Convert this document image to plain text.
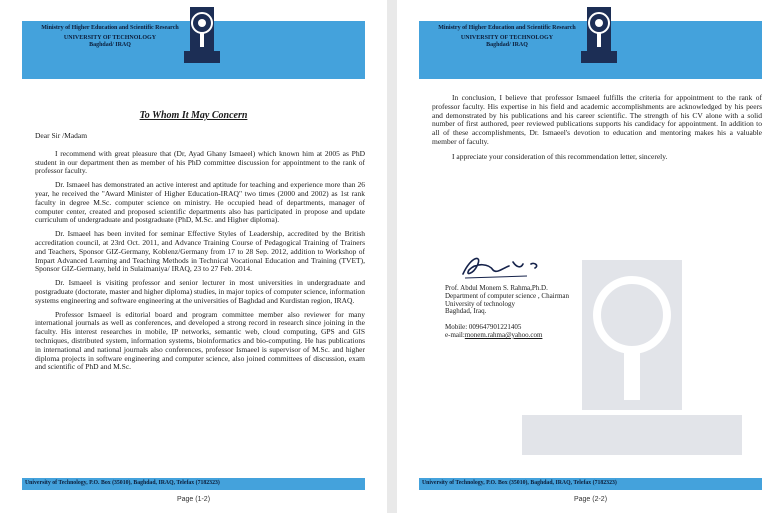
Ministry of Higher Education and Scientific Research
UNIVERSITY OF TECHNOLOGY
Baghdad/ IRAQ
To Whom It May Concern

Dear Sir /Madam

I recommend with great pleasure that (Dr, Ayad Ghany Ismaeel) which known him at 2005 as PhD student in our department then as member of his PhD committee discussion for appointment to the rank of professor faculty.

Dr. Ismaeel has demonstrated an active interest and aptitude for teaching and experience more than 26 year, he received the "Award Minister of Higher Education-IRAQ" two times (2000 and 2002) as 1st rank faculty in degree M.Sc. computer science on ministry. He occupied head of departments, manager of computer center, created and proposed scientific departments also has participated in propose and update curriculum of undergraduate and postgraduate (PhD, M.Sc. and Higher diploma).

Dr. Ismaeel has been invited for seminar Effective Styles of Leadership, accredited by the British accreditation council, at 23rd Oct. 2011, and Advance Training Course of Pedagogical Training of Trainers and Teachers, Sponsor GIZ-Germany, Koblenz/Germany from 17 to 28 Sep. 2012, addition to Workshop of Impart Advanced Learning and Teaching Methods in Technical Vocational Education and Training (TVET), Sponsor GIZ-Germany, held in Sulaimaniya/ IRAQ, 23 to 27 Feb. 2014.

Dr. Ismaeel is visiting professor and senior lecturer in most universities in undergraduate and postgraduate (doctorate, master and higher diploma) studies, in major topics of computer science, information systems engineering and software engineering at the universities of Baghdad and Kurdistan region, IRAQ.

Professor Ismaeel is editorial board and program committee member also reviewer for many international journals as well as conferences, and developed a strong record in research since joining in the faculty. His interest researches in mobile, IP networks, semantic web, cloud computing, GPS and GIS techniques, distributed system, information systems, bioinformatics and bio-computing. He has publications in international and national journals also conferences, professor Ismaeel is supervisor of M.Sc. and higher diploma projects in software engineering and computer science, also joined committees of discussion, exam and scientific of PhD and M.Sc.

University of Technology, P.O. Box (35010), Baghdad, IRAQ, Telefax (7182323)
Page (1-2)
Ministry of Higher Education and Scientific Research
UNIVERSITY OF TECHNOLOGY
Baghdad/ IRAQ

In conclusion, I believe that professor Ismaeel fulfills the criteria for appointment to the rank of professor faculty. His expertise in his field and academic accomplishments are acknowledged by his peers and demonstrated by his publications and his career scientific. The strength of his CV alone with a solid number of first authored, peer reviewed publications supports his candidacy for appointment. In addition to all of these accomplishments, Dr. Ismaeel's devotion to education and mentoring makes his a valuable member of faculty.

I appreciate your consideration of this recommendation letter, sincerely.

Prof. Abdul Monem S. Rahma,Ph.D.
Department of computer science , Chairman
University of technology
Baghdad, Iraq.
Mobile: 009647901221405
e-mail:monem.rahma@yahoo.com
University of Technology, P.O. Box (35010), Baghdad, IRAQ, Telefax (7182323)
Page (2-2)
